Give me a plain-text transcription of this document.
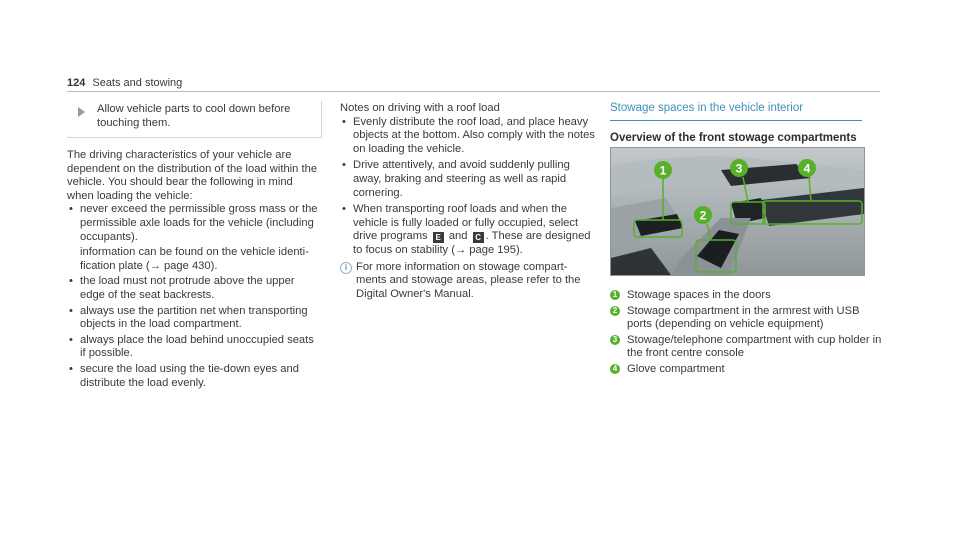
124 Seats and stowing
Allow vehicle parts to cool down before touching them.

The driving characteristics of your vehicle are dependent on the distribution of the load within the vehicle. You should bear the following in mind when loading the vehicle:

• never exceed the permissible gross mass or the permissible axle loads for the vehicle (including occupants).

information can be found on the vehicle identi-fication plate (→ page 430).

• the load must not protrude above the upper edge of the seat backrests.
• always use the partition net when transporting objects in the load compartment.
• always place the load behind unoccupied seats if possible.
• secure the load using the tie-down eyes and distribute the load evenly.

Notes on driving with a roof load

• Evenly distribute the roof load, and place heavy objects at the bottom. Also comply with the notes on loading the vehicle.
• Drive attentively, and avoid suddenly pulling away, braking and steering as well as rapid cornering.
• When transporting roof loads and when the vehicle is fully loaded or fully occupied, select drive programs E and C . These are designed to focus on stability (→ page 195).
i For more information on stowage compart-ments and stowage areas, please refer to the Digital Owner's Manual.
Stowage spaces in the vehicle interior
Overview of the front stowage compartments
1
2
3	4
1 Stowage spaces in the doors
2 Stowage compartment in the armrest with USB ports (depending on vehicle equipment)
3 Stowage/telephone compartment with cup holder in the front centre console
4 Glove compartment
